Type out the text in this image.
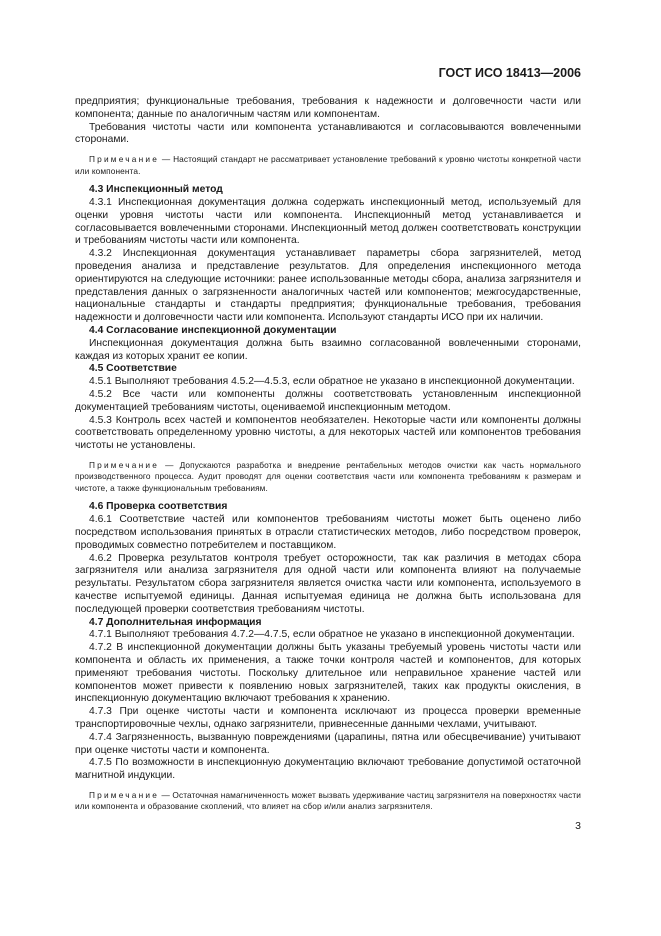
ГОСТ ИСО 18413—2006

предприятия; функциональные требования, требования к надежности и долговечности части или компонента; данные по аналогичным частям или компонентам.

Требования чистоты части или компонента устанавливаются и согласовываются вовлеченными сторонами.

Примечание — Настоящий стандарт не рассматривает установление требований к уровню чистоты конкретной части или компонента.

4.3 Инспекционный метод

4.3.1 Инспекционная документация должна содержать инспекционный метод, используемый для оценки уровня чистоты части или компонента. Инспекционный метод устанавливается и согласовывается вовлеченными сторонами. Инспекционный метод должен соответствовать конструкции и требованиям чистоты части или компонента.

4.3.2 Инспекционная документация устанавливает параметры сбора загрязнителей, метод проведения анализа и представление результатов. Для определения инспекционного метода ориентируются на следующие источники: ранее использованные методы сбора, анализа загрязнителя и представления данных о загрязненности аналогичных частей или компонентов; межгосударственные, национальные стандарты и стандарты предприятия; функциональные требования, требования надежности и долговечности части или компонента. Используют стандарты ИСО при их наличии.

4.4 Согласование инспекционной документации

Инспекционная документация должна быть взаимно согласованной вовлеченными сторонами, каждая из которых хранит ее копии.

4.5 Соответствие

4.5.1 Выполняют требования 4.5.2—4.5.3, если обратное не указано в инспекционной документации.

4.5.2 Все части или компоненты должны соответствовать установленным инспекционной документацией требованиям чистоты, оцениваемой инспекционным методом.

4.5.3 Контроль всех частей и компонентов необязателен. Некоторые части или компоненты должны соответствовать определенному уровню чистоты, а для некоторых частей или компонентов требования чистоты не установлены.

Примечание — Допускаются разработка и внедрение рентабельных методов очистки как часть нормального производственного процесса. Аудит проводят для оценки соответствия части или компонента требованиям к размерам и чистоте, а также функциональным требованиям.

4.6 Проверка соответствия

4.6.1 Соответствие частей или компонентов требованиям чистоты может быть оценено либо посредством использования принятых в отрасли статистических методов, либо посредством проверок, проводимых совместно потребителем и поставщиком.

4.6.2 Проверка результатов контроля требует осторожности, так как различия в методах сбора загрязнителя или анализа загрязнителя для одной части или компонента влияют на получаемые результаты. Результатом сбора загрязнителя является очистка части или компонента, используемого в качестве испытуемой единицы. Данная испытуемая единица не должна быть использована для последующей проверки соответствия требованиям чистоты.

4.7 Дополнительная информация

4.7.1 Выполняют требования 4.7.2—4.7.5, если обратное не указано в инспекционной документации.

4.7.2 В инспекционной документации должны быть указаны требуемый уровень чистоты части или компонента и область их применения, а также точки контроля частей и компонентов, для которых применяют требования чистоты. Поскольку длительное или неправильное хранение частей или компонентов может привести к появлению новых загрязнителей, таких как продукты окисления, в инспекционную документацию включают требования к хранению.

4.7.3 При оценке чистоты части и компонента исключают из процесса проверки временные транспортировочные чехлы, однако загрязнители, привнесенные данными чехлами, учитывают.

4.7.4 Загрязненность, вызванную повреждениями (царапины, пятна или обесцвечивание) учитывают при оценке чистоты части и компонента.

4.7.5 По возможности в инспекционную документацию включают требование допустимой остаточной магнитной индукции.

Примечание — Остаточная намагниченность может вызвать удерживание частиц загрязнителя на поверхностях части или компонента и образование скоплений, что влияет на сбор и/или анализ загрязнителя.

3
